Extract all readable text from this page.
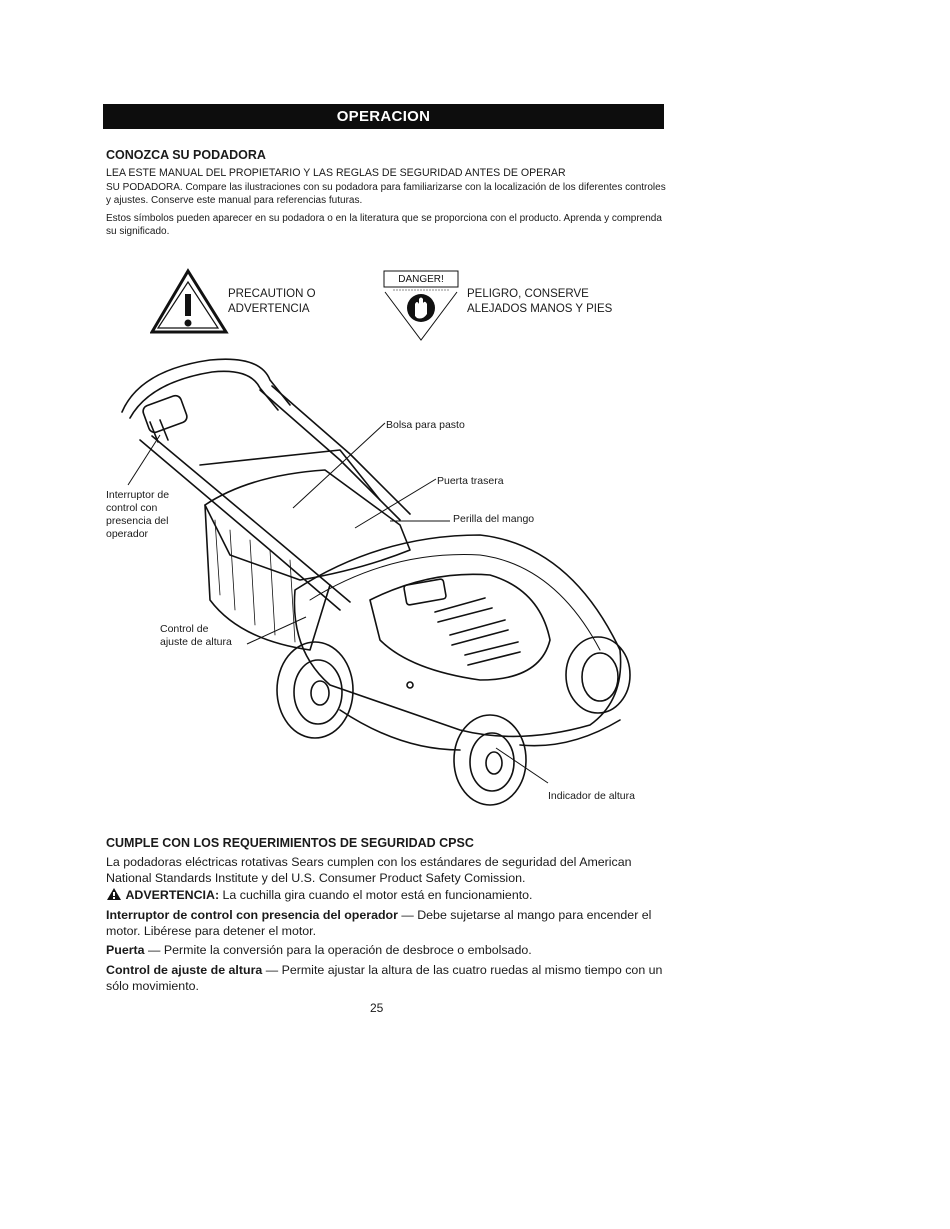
OPERACION
CONOZCA SU PODADORA

LEA ESTE MANUAL DEL PROPIETARIO Y LAS REGLAS DE SEGURIDAD ANTES DE OPERAR
SU PODADORA. Compare las ilustraciones con su podadora para familiarizarse con la localización de los diferentes controles y ajustes. Conserve este manual para referencias futuras.

Estos símbolos pueden aparecer en su podadora o en la literatura que se proporciona con el producto. Aprenda y comprenda su significado.

PRECAUTION O
ADVERTENCIA
DANGER!
PELIGRO, CONSERVE
ALEJADOS MANOS Y PIES
Bolsa para pasto
Puerta trasera
Perilla del mango
Interruptor de
control con
presencia del
operador
Control de
ajuste de altura
Indicador de altura
CUMPLE CON LOS REQUERIMIENTOS DE SEGURIDAD CPSC
La podadoras eléctricas rotativas Sears cumplen con los estándares de seguridad del American National Standards Institute y del U.S. Consumer Product Safety Comission.
ADVERTENCIA: La cuchilla gira cuando el motor está en funcionamiento.
Interruptor de control con presencia del operador — Debe sujetarse al mango para encender el motor. Libérese para detener el motor.
Puerta — Permite la conversión para la operación de desbroce o embolsado.
Control de ajuste de altura — Permite ajustar la altura de las cuatro ruedas al mismo tiempo con un sólo movimiento.
25
